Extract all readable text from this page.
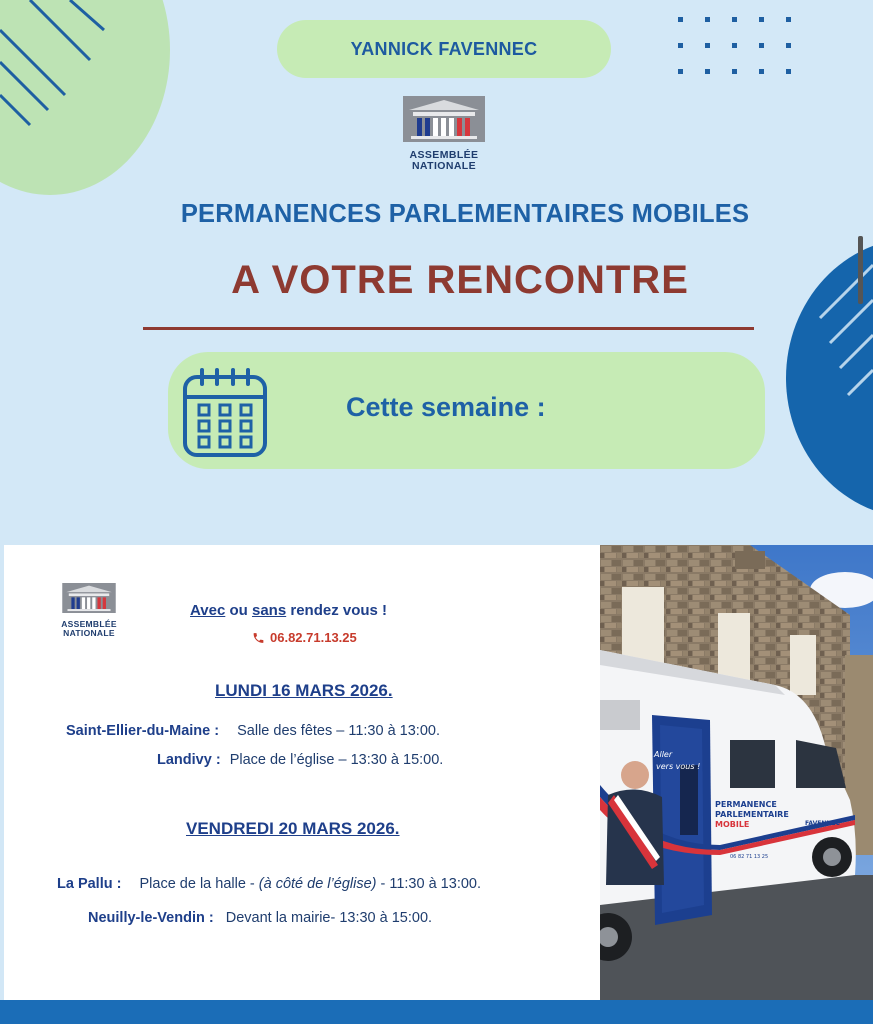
YANNICK FAVENNEC
ASSEMBLÉE
NATIONALE
PERMANENCES PARLEMENTAIRES MOBILES
A VOTRE RENCONTRE
Cette semaine :
ASSEMBLÉE
NATIONALE
Avec ou sans rendez vous !
06.82.71.13.25
LUNDI 16 MARS 2026.
Saint-Ellier-du-Maine : Salle des fêtes – 11:30 à 13:00.
Landivy : Place de l’église – 13:30 à 15:00.
VENDREDI 20 MARS 2026.
La Pallu : Place de la halle - (à côté de l’église) - 11:30 à 13:00.
Neuilly-le-Vendin : Devant la mairie- 13:30 à 15:00.
Aller
vers vous !
PERMANENCE
PARLEMENTAIRE
MOBILE	FAVENNEC
06 82 71 13 25
